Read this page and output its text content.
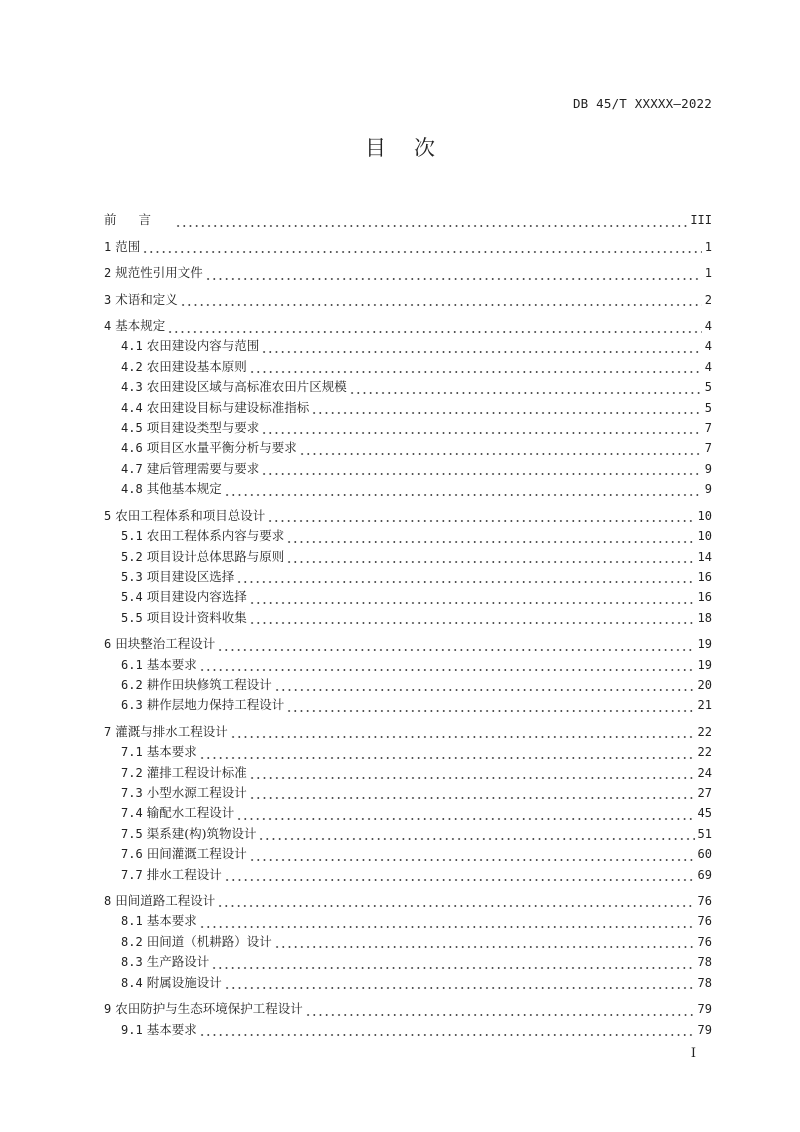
DB 45/T XXXXX—2022
目次
前言	III
1 范围	1
2 规范性引用文件	1
3 术语和定义	2
4 基本规定	4
4.1 农田建设内容与范围	4
4.2 农田建设基本原则	4
4.3 农田建设区域与高标准农田片区规模	5
4.4 农田建设目标与建设标准指标	5
4.5 项目建设类型与要求	7
4.6 项目区水量平衡分析与要求	7
4.7 建后管理需要与要求	9
4.8 其他基本规定	9
5 农田工程体系和项目总设计	10
5.1 农田工程体系内容与要求	10
5.2 项目设计总体思路与原则	14
5.3 项目建设区选择	16
5.4 项目建设内容选择	16
5.5 项目设计资料收集	18
6 田块整治工程设计	19
6.1 基本要求	19
6.2 耕作田块修筑工程设计	20
6.3 耕作层地力保持工程设计	21
7 灌溉与排水工程设计	22
7.1 基本要求	22
7.2 灌排工程设计标准	24
7.3 小型水源工程设计	27
7.4 输配水工程设计	45
7.5 渠系建(构)筑物设计	51
7.6 田间灌溉工程设计	60
7.7 排水工程设计	69
8 田间道路工程设计	76
8.1 基本要求	76
8.2 田间道（机耕路）设计	76
8.3 生产路设计	78
8.4 附属设施设计	78
9 农田防护与生态环境保护工程设计	79
9.1 基本要求	79
I
